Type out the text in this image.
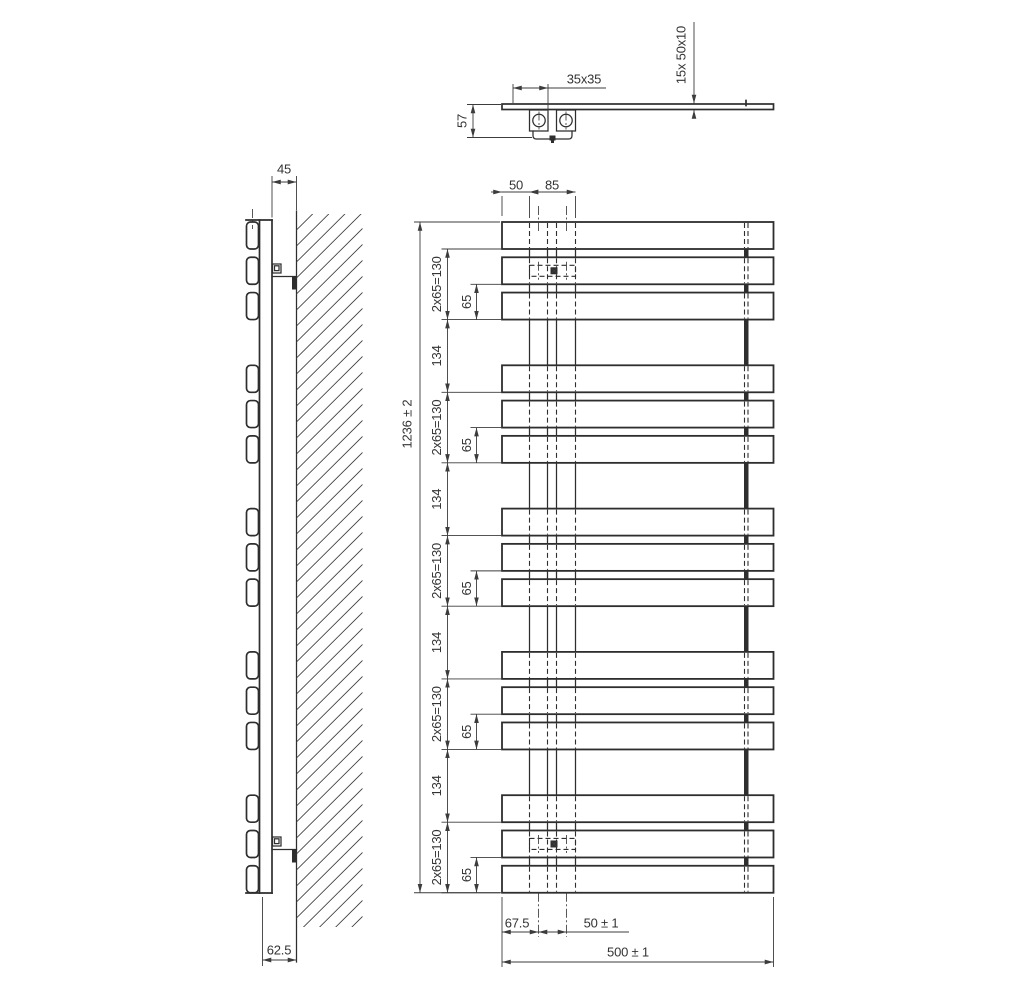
35x35
57
15x 50x10
45
62.5
50 85
1236 ± 2
2x65=130
134
2x65=130
134
2x65=130
134
2x65=130
134
2x65=130
65
65
65
65
65
67.5	50 ± 1
500 ± 1
